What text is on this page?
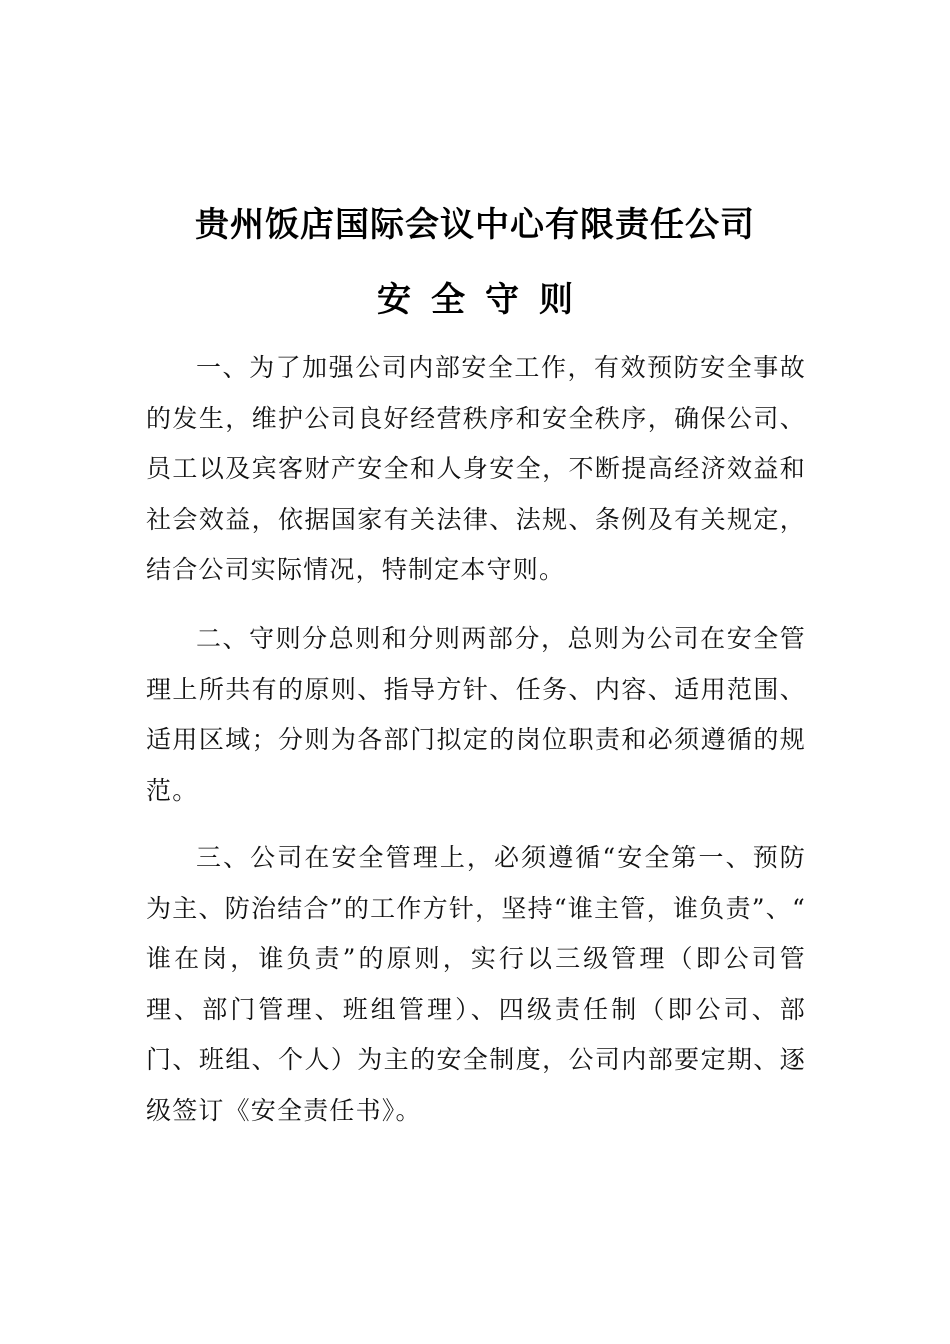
贵州饭店国际会议中心有限责任公司
安全守则

一、为了加强公司内部安全工作，有效预防安全事故的发生，维护公司良好经营秩序和安全秩序，确保公司、员工以及宾客财产安全和人身安全，不断提高经济效益和社会效益，依据国家有关法律、法规、条例及有关规定，结合公司实际情况，特制定本守则。

二、守则分总则和分则两部分，总则为公司在安全管理上所共有的原则、指导方针、任务、内容、适用范围、适用区域；分则为各部门拟定的岗位职责和必须遵循的规范。

三、公司在安全管理上，必须遵循“安全第一、预防为主、防治结合”的工作方针，坚持“谁主管，谁负责”、“ 谁在岗，谁负责”的原则，实行以三级管理（即公司管理、部门管理、班组管理）、四级责任制（即公司、部门、班组、个人）为主的安全制度，公司内部要定期、逐级签订《安全责任书》。
